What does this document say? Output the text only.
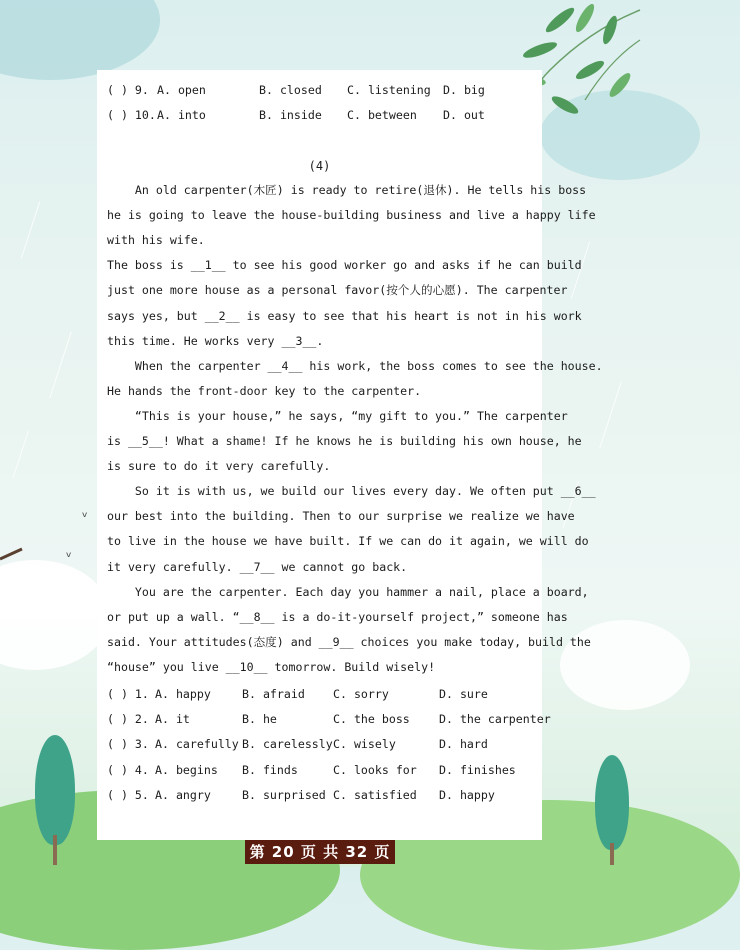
ᵥ
ᵥ
( ) 9. A. open	B. closed C. listening D. big
( ) 10. A. into	B. inside C. between D. out
(4)
An old carpenter(木匠) is ready to retire(退休). He tells his boss
he is going to leave the house-building business and live a happy life
with his wife.
The boss is __1__ to see his good worker go and asks if he can build
just one more house as a personal favor(按个人的心愿). The carpenter
says yes, but __2__ is easy to see that his heart is not in his work
this time. He works very __3__.
When the carpenter __4__ his work, the boss comes to see the house.
He hands the front-door key to the carpenter.
“This is your house,” he says, “my gift to you.” The carpenter
is __5__! What a shame! If he knows he is building his own house, he
is sure to do it very carefully.
So it is with us, we build our lives every day. We often put __6__
our best into the building. Then to our surprise we realize we have
to live in the house we have built. If we can do it again, we will do
it very carefully. __7__ we cannot go back.
You are the carpenter. Each day you hammer a nail, place a board,
or put up a wall. “__8__ is a do-it-yourself project,” someone has
said. Your attitudes(态度) and __9__ choices you make today, build the
“house” you live __10__ tomorrow. Build wisely!
( ) 1. A. happy	B. afraid C. sorry	D. sure
( ) 2. A. it	B. he	C. the boss	D. the carpenter
( ) 3. A. carefully B. carelessly C. wisely	D. hard
( ) 4. A. begins B. finds	C. looks for D. finishes
( ) 5. A. angry	B. surprised C. satisfied D. happy
第 20 页 共 32 页
